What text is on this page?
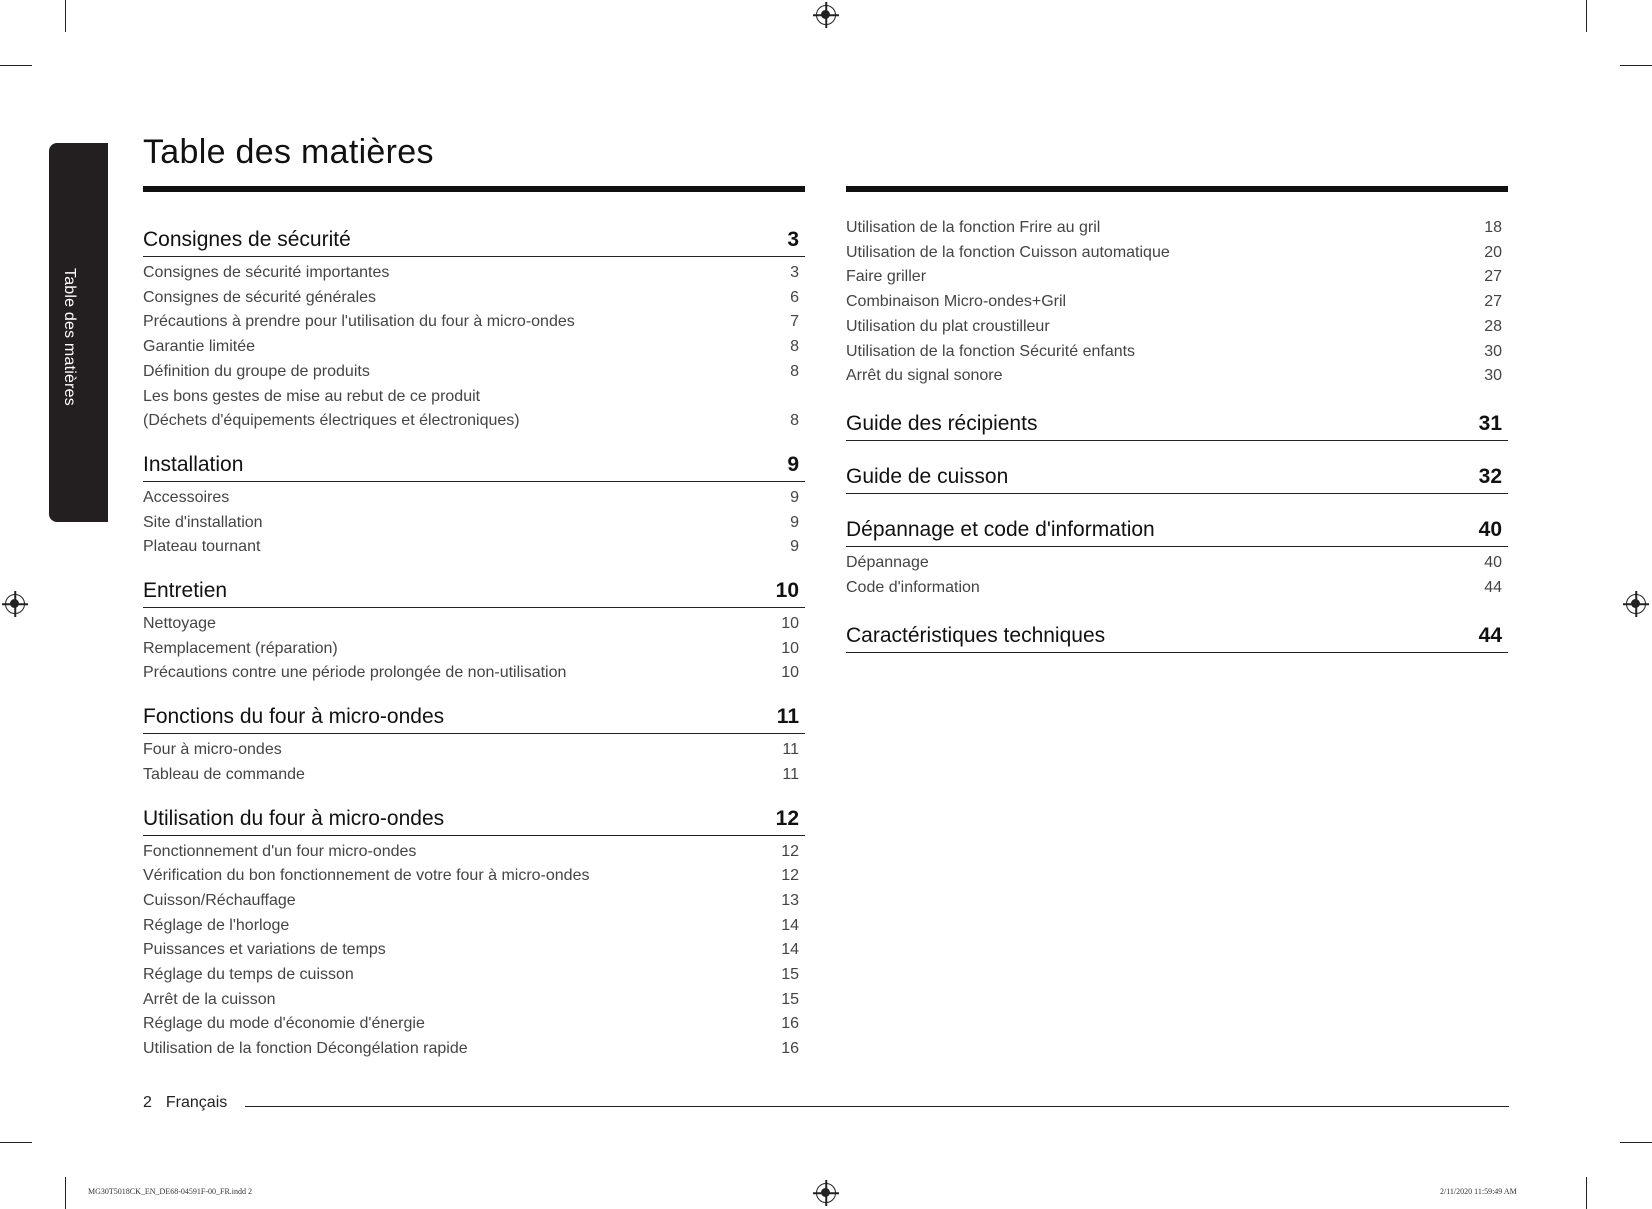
Table des matières
Table des matières
Consignes de sécurité	3
Consignes de sécurité importantes	3
Consignes de sécurité générales	6
Précautions à prendre pour l'utilisation du four à micro-ondes	7
Garantie limitée	8
Définition du groupe de produits	8
Les bons gestes de mise au rebut de ce produit
(Déchets d'équipements électriques et électroniques)	8
Installation	9
Accessoires	9
Site d'installation	9
Plateau tournant	9
Entretien	10
Nettoyage	10
Remplacement (réparation)	10
Précautions contre une période prolongée de non-utilisation	10
Fonctions du four à micro-ondes	11
Four à micro-ondes	11
Tableau de commande	11
Utilisation du four à micro-ondes	12
Fonctionnement d'un four micro-ondes	12
Vérification du bon fonctionnement de votre four à micro-ondes	12
Cuisson/Réchauffage	13
Réglage de l'horloge	14
Puissances et variations de temps	14
Réglage du temps de cuisson	15
Arrêt de la cuisson	15
Réglage du mode d'économie d'énergie	16
Utilisation de la fonction Décongélation rapide	16
Utilisation de la fonction Frire au gril	18
Utilisation de la fonction Cuisson automatique	20
Faire griller	27
Combinaison Micro-ondes+Gril	27
Utilisation du plat croustilleur	28
Utilisation de la fonction Sécurité enfants	30
Arrêt du signal sonore	30
Guide des récipients	31
Guide de cuisson	32
Dépannage et code d'information	40
Dépannage	40
Code d'information	44
Caractéristiques techniques	44
2 Français
MG30T5018CK_EN_DE68-04591F-00_FR.indd 2	2/11/2020 11:59:49 AM
